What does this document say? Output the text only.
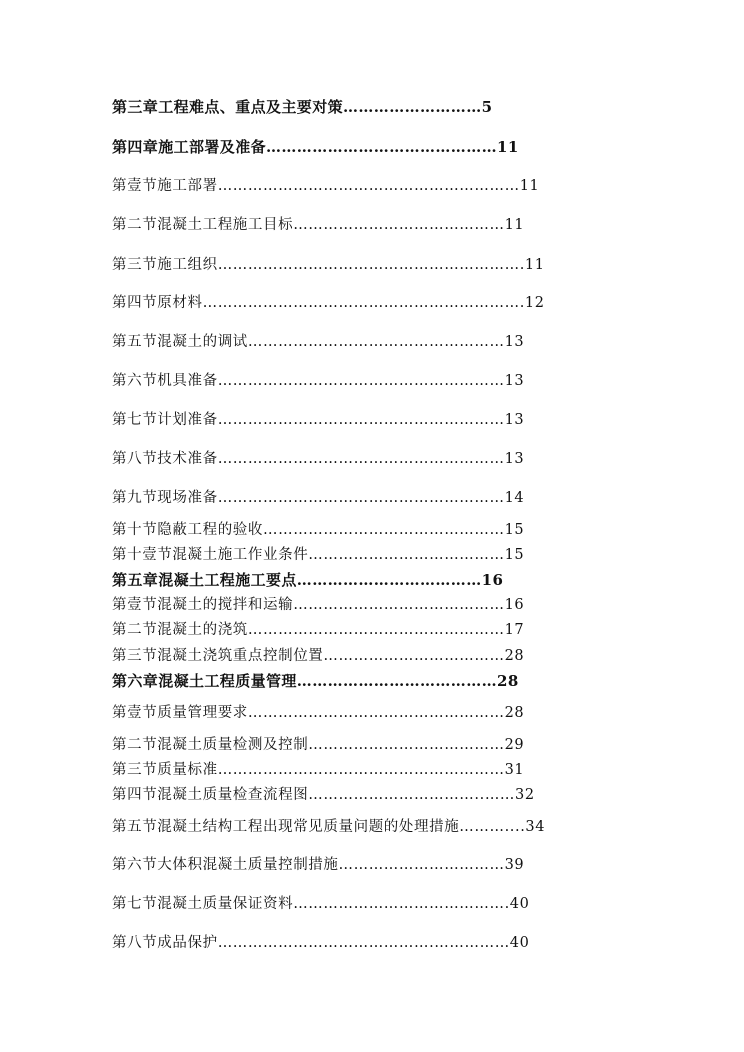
第三章工程难点、重点及主要对策………………………5
第四章施工部署及准备………………………………………11
第壹节施工部署……………………………………………………11
第二节混凝土工程施工目标……………………………………11
第三节施工组织…………………………………………………….11
第四节原材料……………………………………………………….12
第五节混凝土的调试……………………………………………13
第六节机具准备…………………………………………………13
第七节计划准备…………………………………………………13
第八节技术准备…………………………………………………13
第九节现场准备…………………………………………………14
第十节隐蔽工程的验收…………………………………………15
第十壹节混凝土施工作业条件…………………………………15
第五章混凝土工程施工要点………………………………16
第壹节混凝土的搅拌和运输……………………………………16
第二节混凝土的浇筑……………………………………………17
第三节混凝土浇筑重点控制位置………………………………28
第六章混凝土工程质量管理…………………………………28
第壹节质量管理要求……………………………………………28
第二节混凝土质量检测及控制…………………………………29
第三节质量标准…………………………………………………31
第四节混凝土质量检查流程图……………………………..……32
第五节混凝土结构工程出现常见质量问题的处理措施………....34
第六节大体积混凝土质量控制措施……………………………39
第七节混凝土质量保证资料…………………………………….40
第八节成品保护…………………………………….……………40
